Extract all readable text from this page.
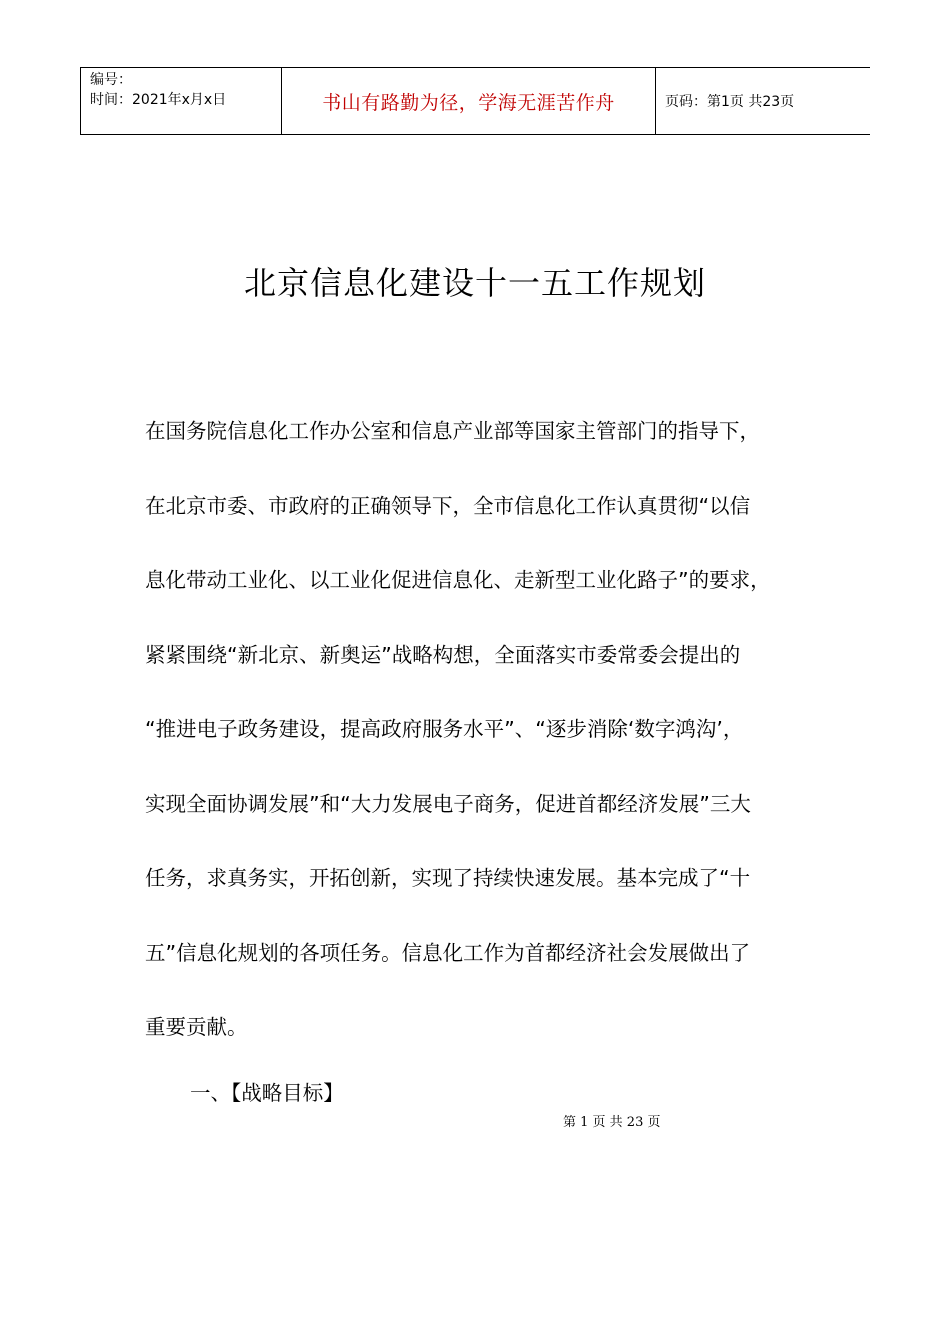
编号：
时间：2021年x月x日	书山有路勤为径，学海无涯苦作舟	页码：第1页 共23页
北京信息化建设十一五工作规划
在国务院信息化工作办公室和信息产业部等国家主管部门的指导下，
在北京市委、市政府的正确领导下，全市信息化工作认真贯彻“以信
息化带动工业化、以工业化促进信息化、走新型工业化路子”的要求，
紧紧围绕“新北京、新奥运”战略构想，全面落实市委常委会提出的
“推进电子政务建设，提高政府服务水平”、“逐步消除‘数字鸿沟’，
实现全面协调发展”和“大力发展电子商务，促进首都经济发展”三大
任务，求真务实，开拓创新，实现了持续快速发展。基本完成了“十
五”信息化规划的各项任务。信息化工作为首都经济社会发展做出了
重要贡献。
一、【战略目标】
第 1 页 共 23 页
